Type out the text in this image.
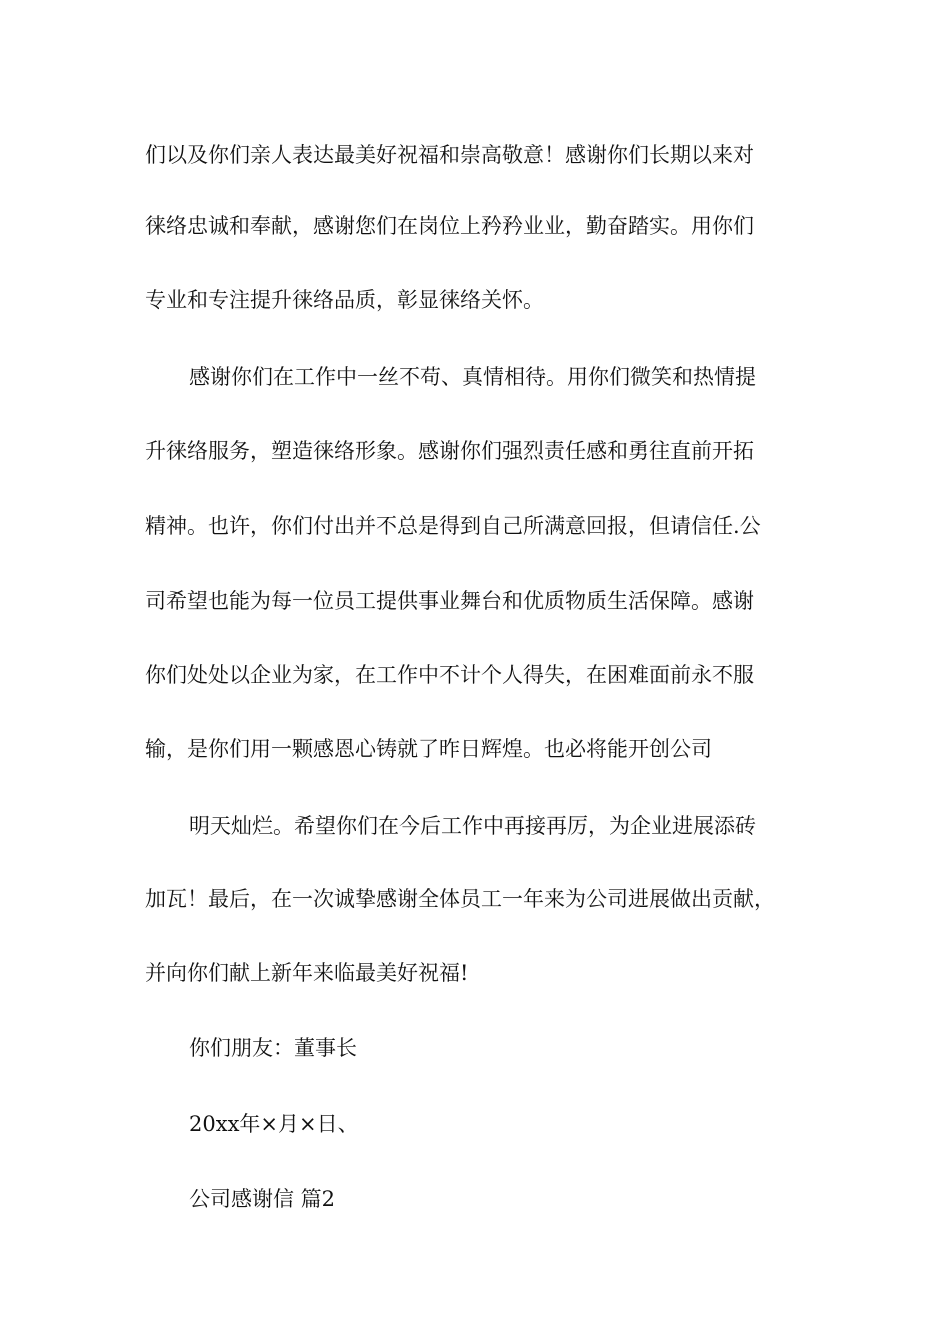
们以及你们亲人表达最美好祝福和崇高敬意！感谢你们长期以来对

徕络忠诚和奉献，感谢您们在岗位上矜矜业业，勤奋踏实。用你们

专业和专注提升徕络品质，彰显徕络关怀。

感谢你们在工作中一丝不苟、真情相待。用你们微笑和热情提

升徕络服务，塑造徕络形象。感谢你们强烈责任感和勇往直前开拓

精神。也许，你们付出并不总是得到自己所满意回报，但请信任.公

司希望也能为每一位员工提供事业舞台和优质物质生活保障。感谢

你们处处以企业为家，在工作中不计个人得失，在困难面前永不服

输，是你们用一颗感恩心铸就了昨日辉煌。也必将能开创公司

明天灿烂。希望你们在今后工作中再接再厉，为企业进展添砖

加瓦！最后，在一次诚挚感谢全体员工一年来为公司进展做出贡献，

并向你们献上新年来临最美好祝福!

你们朋友：董事长

20xx年×月×日、

公司感谢信 篇2
